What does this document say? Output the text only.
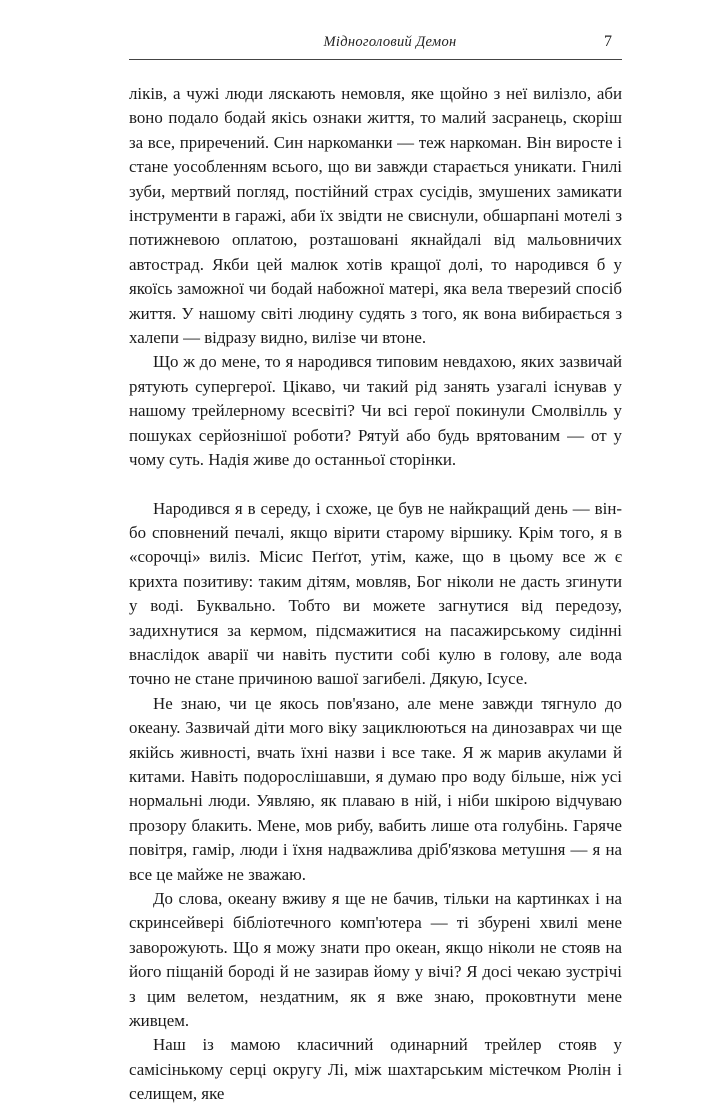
Мідноголовий Демон	7

ліків, а чужі люди ляскають немовля, яке щойно з неї вилізло, аби воно подало бодай якісь ознаки життя, то малий засранець, скоріш за все, приречений. Син наркоманки — теж наркоман. Він виросте і стане уособленням всього, що ви завжди старається уникати. Гнилі зуби, мертвий погляд, постійний страх сусідів, змушених замикати інструменти в гаражі, аби їх звідти не свиснули, обшарпані мотелі з потижневою оплатою, розташовані якнайдалі від мальовничих автострад. Якби цей малюк хотів кращої долі, то народився б у якоїсь заможної чи бодай набожної матері, яка вела тверезий спосіб життя. У нашому світі людину судять з того, як вона вибирається з халепи — відразу видно, вилізе чи втоне.

Що ж до мене, то я народився типовим невдахою, яких зазвичай рятують супергерої. Цікаво, чи такий рід занять узагалі існував у нашому трейлерному всесвіті? Чи всі герої покинули Смолвілль у пошуках серйознішої роботи? Рятуй або будь врятованим — от у чому суть. Надія живе до останньої сторінки.

Народився я в середу, і схоже, це був не найкращий день — він-бо сповнений печалі, якщо вірити старому віршику. Крім того, я в «сорочці» виліз. Місис Пеґґот, утім, каже, що в цьому все ж є крихта позитиву: таким дітям, мовляв, Бог ніколи не дасть згинути у воді. Буквально. Тобто ви можете загнутися від передозу, задихнутися за кермом, підсмажитися на пасажирському сидінні внаслідок аварії чи навіть пустити собі кулю в голову, але вода точно не стане причиною вашої загибелі. Дякую, Ісусе.

Не знаю, чи це якось пов'язано, але мене завжди тягнуло до океану. Зазвичай діти мого віку зациклюються на динозаврах чи ще якійсь живності, вчать їхні назви і все таке. Я ж марив акулами й китами. Навіть подорослішавши, я думаю про воду більше, ніж усі нормальні люди. Уявляю, як плаваю в ній, і ніби шкірою відчуваю прозору блакить. Мене, мов рибу, вабить лише ота голубінь. Гаряче повітря, гамір, люди і їхня надважлива дріб'язкова метушня — я на все це майже не зважаю.

До слова, океану вживу я ще не бачив, тільки на картинках і на скринсейвері бібліотечного комп'ютера — ті збурені хвилі мене заворожують. Що я можу знати про океан, якщо ніколи не стояв на його піщаній бороді й не зазирав йому у вічі? Я досі чекаю зустрічі з цим велетом, нездатним, як я вже знаю, проковтнути мене живцем.

Наш із мамою класичний одинарний трейлер стояв у самісінькому серці округу Лі, між шахтарським містечком Рюлін і селищем, яке
